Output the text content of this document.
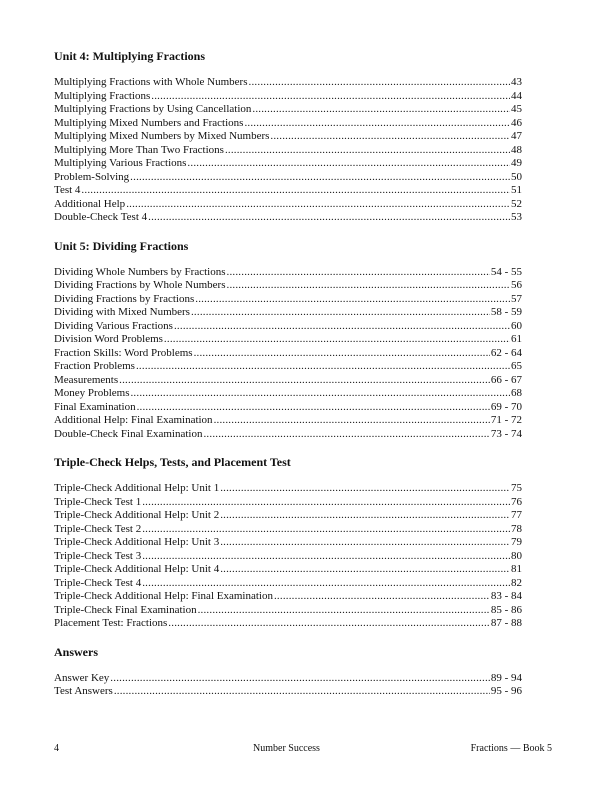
Unit 4: Multiplying Fractions
Multiplying Fractions with Whole Numbers .....	43
Multiplying Fractions .....	44
Multiplying Fractions by Using Cancellation .....	45
Multiplying Mixed Numbers and Fractions .....	46
Multiplying Mixed Numbers by Mixed Numbers .....	47
Multiplying More Than Two Fractions .....	48
Multiplying Various Fractions .....	49
Problem-Solving .....	50
Test 4 .....	51
Additional Help .....	52
Double-Check Test 4 .....	53
Unit 5: Dividing Fractions
Dividing Whole Numbers by Fractions .....	54 - 55
Dividing Fractions by Whole Numbers .....	56
Dividing Fractions by Fractions .....	57
Dividing with Mixed Numbers .....	58 - 59
Dividing Various Fractions .....	60
Division Word Problems .....	61
Fraction Skills: Word Problems .....	62 - 64
Fraction Problems .....	65
Measurements .....	66 - 67
Money Problems .....	68
Final Examination .....	69 - 70
Additional Help: Final Examination .....	71 - 72
Double-Check Final Examination .....	73 - 74
Triple-Check Helps, Tests, and Placement Test
Triple-Check Additional Help: Unit 1 .....	75
Triple-Check Test 1 .....	76
Triple-Check Additional Help: Unit 2 .....	77
Triple-Check Test 2 .....	78
Triple-Check Additional Help: Unit 3 .....	79
Triple-Check Test 3 .....	80
Triple-Check Additional Help: Unit 4 .....	81
Triple-Check Test 4 .....	82
Triple-Check Additional Help: Final Examination .....	83 - 84
Triple-Check Final Examination .....	85 - 86
Placement Test: Fractions .....	87 - 88
Answers
Answer Key .....	89 - 94
Test Answers .....	95 - 96
4	Number Success	Fractions — Book 5
